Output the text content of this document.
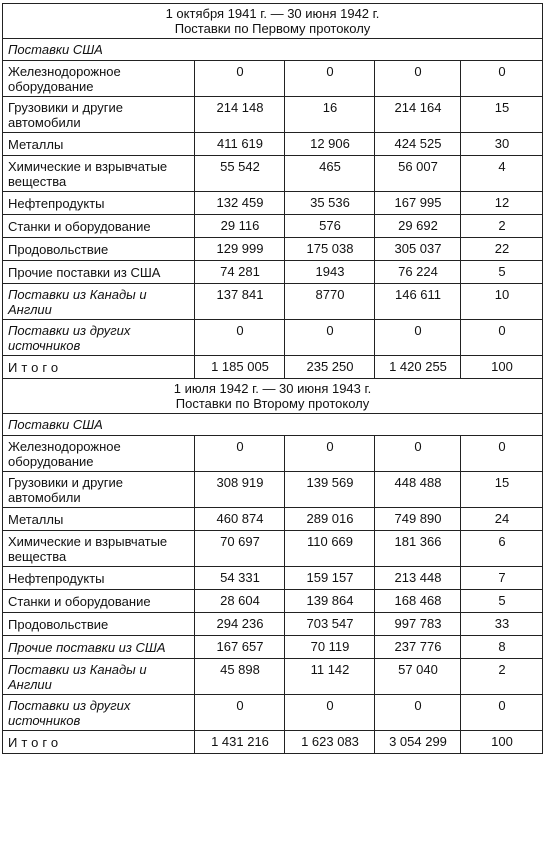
1 октября 1941 г. — 30 июня 1942 г.
Поставки по Первому протоколу				

Поставки США				
Железнодорожное оборудование	0	0	0	0
Грузовики и другие автомобили	214 148	16	214 164	15
Металлы	411 619	12 906	424 525	30
Химические и взрывчатые вещества	55 542	465	56 007	4
Нефтепродукты	132 459	35 536	167 995	12
Станки и оборудование	29 116	576	29 692	2
Продовольствие	129 999	175 038	305 037	22
Прочие поставки из США	74 281	1943	76 224	5
Поставки из Канады и Англии	137 841	8770	146 611	10
Поставки из других источников	0	0	0	0
Итого	1 185 005	235 250	1 420 255	100

1 июля 1942 г. — 30 июня 1943 г.
Поставки по Второму протоколу				

Поставки США				
Железнодорожное оборудование	0	0	0	0
Грузовики и другие автомобили	308 919	139 569	448 488	15
Металлы	460 874	289 016	749 890	24
Химические и взрывчатые вещества	70 697	110 669	181 366	6
Нефтепродукты	54 331	159 157	213 448	7
Станки и оборудование	28 604	139 864	168 468	5
Продовольствие	294 236	703 547	997 783	33
Прочие поставки из США	167 657	70 119	237 776	8
Поставки из Канады и Англии	45 898	11 142	57 040	2
Поставки из других источников	0	0	0	0
Итого	1 431 216	1 623 083	3 054 299	100
